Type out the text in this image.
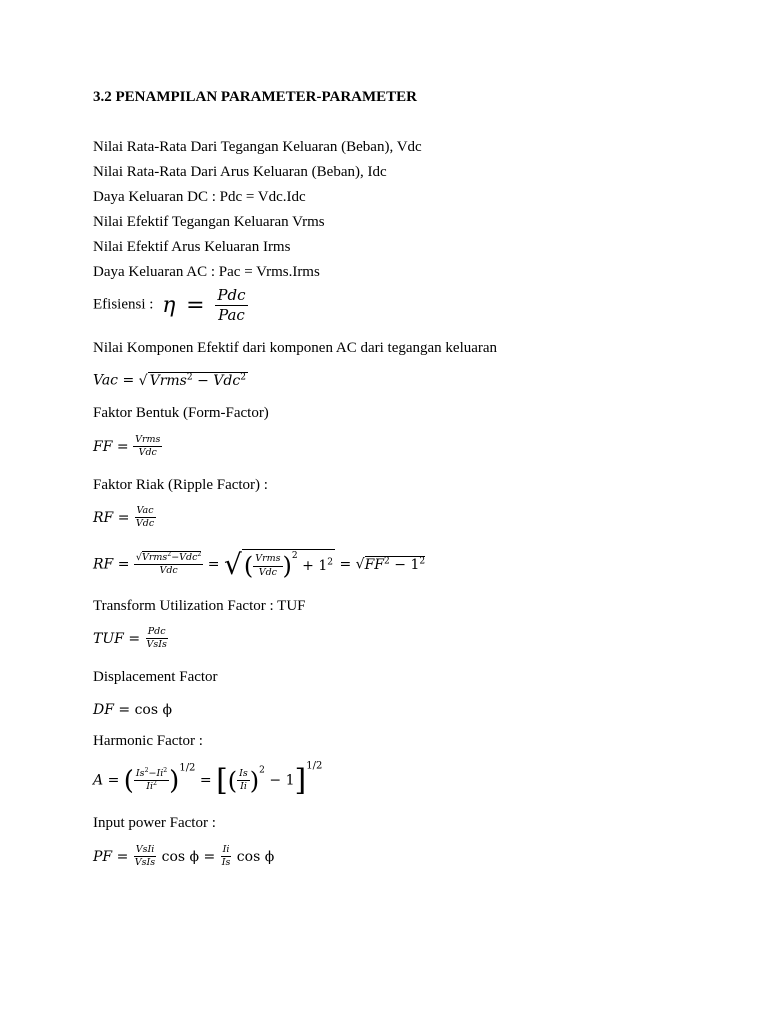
3.2 PENAMPILAN PARAMETER-PARAMETER
Nilai Rata-Rata Dari Tegangan Keluaran (Beban), Vdc
Nilai Rata-Rata Dari Arus Keluaran (Beban), Idc
Daya Keluaran DC : Pdc = Vdc.Idc
Nilai Efektif Tegangan Keluaran Vrms
Nilai Efektif Arus Keluaran Irms
Daya Keluaran AC : Pac = Vrms.Irms
Efisiensi : $\eta = \frac{\text{Pdc}}{\text{Pac}}$
Nilai Komponen Efektif dari komponen AC dari tegangan keluaran
Vac = √ Vrms$^2$ − Vdc$^2$
Faktor Bentuk (Form-Factor)
FF = $\frac{\text{Vrms}}{\text{Vdc}}$
Faktor Riak (Ripple Factor) :
RF = $\frac{\text{Vac}}{\text{Vdc}}$
RF = $\frac{√Vrms^2-Vdc^2}{\text{Vdc}}$ = √( $\frac{\text{Vrms}}{\text{Vdc}} )^2 + 1^2 = √FF^2 - 1^2$
Transform Utilization Factor : TUF
TUF = $\frac{\text{Pdc}}{\text{VsIs}}$
Displacement Factor
DF = cos ϕ
Harmonic Factor :
A = ( $\frac{Is^2-Ii^2}{Ii^2} )^{1/2}$ = [( $\frac{Is}{Ii} )^2 - 1]^{1/2}$
Input power Factor :
PF = $\frac{\text{VsIi}}{\text{VsIs}}$ $\cos \phi = \frac{Ii}{Is}$ cos ϕ
